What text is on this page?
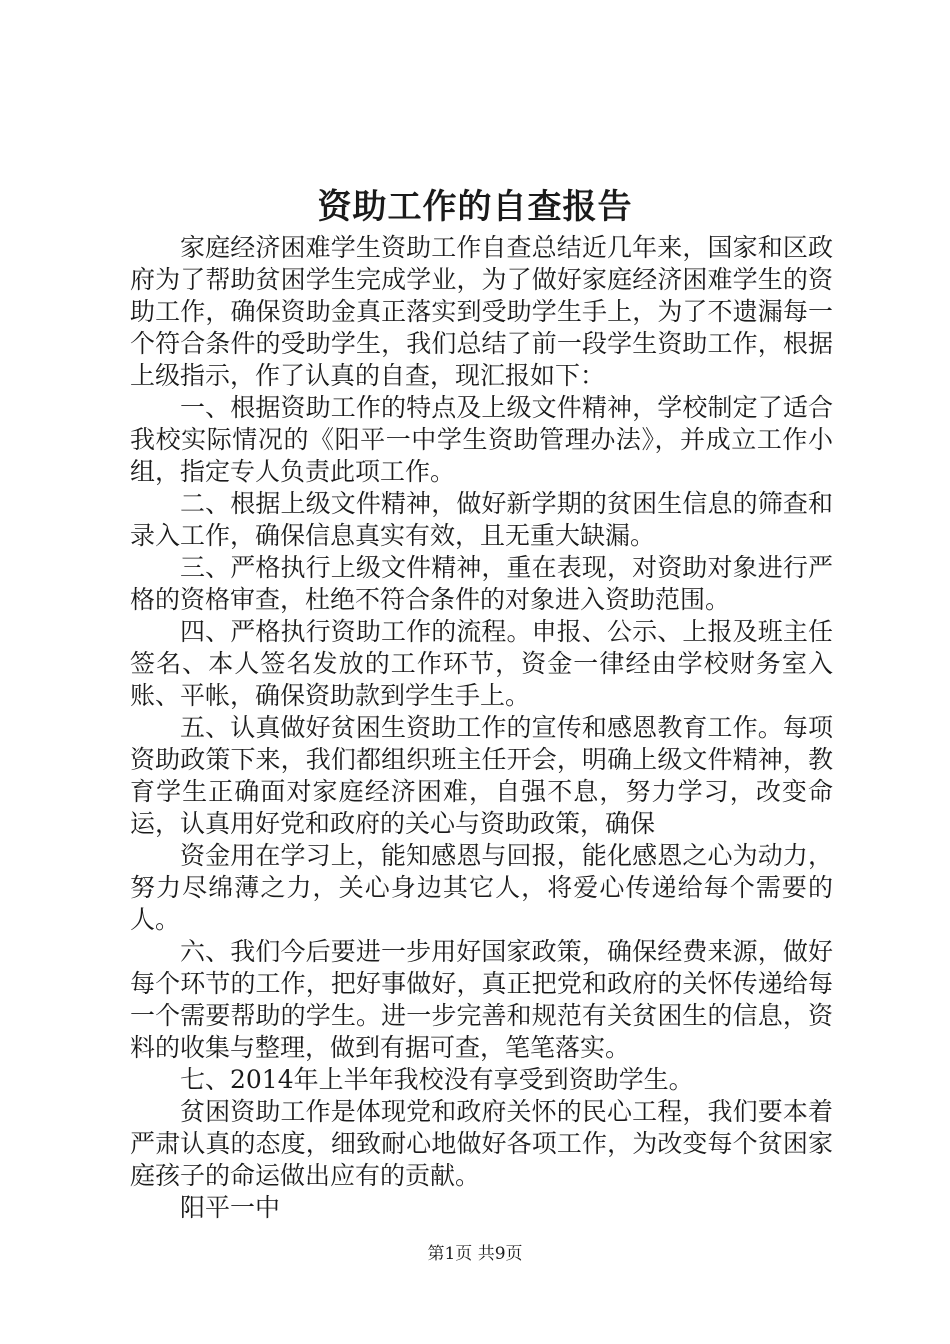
资助工作的自查报告

家庭经济困难学生资助工作自查总结近几年来，国家和区政府为了帮助贫困学生完成学业，为了做好家庭经济困难学生的资助工作，确保资助金真正落实到受助学生手上，为了不遗漏每一个符合条件的受助学生，我们总结了前一段学生资助工作，根据上级指示，作了认真的自查，现汇报如下：

一、根据资助工作的特点及上级文件精神，学校制定了适合我校实际情况的《阳平一中学生资助管理办法》，并成立工作小组，指定专人负责此项工作。

二、根据上级文件精神，做好新学期的贫困生信息的筛查和录入工作，确保信息真实有效，且无重大缺漏。

三、严格执行上级文件精神，重在表现，对资助对象进行严格的资格审查，杜绝不符合条件的对象进入资助范围。

四、严格执行资助工作的流程。申报、公示、上报及班主任签名、本人签名发放的工作环节，资金一律经由学校财务室入账、平帐，确保资助款到学生手上。

五、认真做好贫困生资助工作的宣传和感恩教育工作。每项资助政策下来，我们都组织班主任开会，明确上级文件精神，教育学生正确面对家庭经济困难，自强不息，努力学习，改变命运，认真用好党和政府的关心与资助政策，确保

资金用在学习上，能知感恩与回报，能化感恩之心为动力，努力尽绵薄之力，关心身边其它人，将爱心传递给每个需要的人。

六、我们今后要进一步用好国家政策，确保经费来源，做好每个环节的工作，把好事做好，真正把党和政府的关怀传递给每一个需要帮助的学生。进一步完善和规范有关贫困生的信息，资料的收集与整理，做到有据可查，笔笔落实。

七、2014年上半年我校没有享受到资助学生。

贫困资助工作是体现党和政府关怀的民心工程，我们要本着严肃认真的态度，细致耐心地做好各项工作，为改变每个贫困家庭孩子的命运做出应有的贡献。

阳平一中

第1页 共9页
